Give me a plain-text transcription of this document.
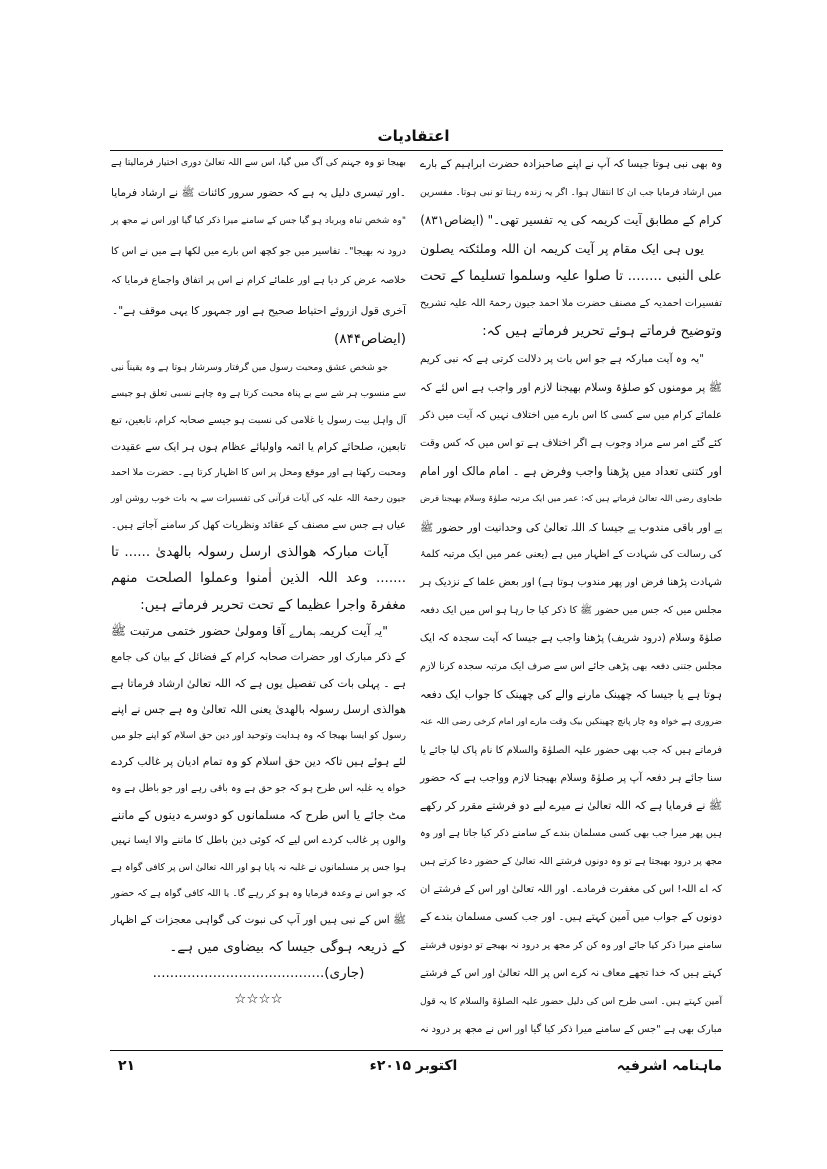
اعتقادیات
وہ بھی نبی ہوتا جیسا کہ آپ نے اپنے صاحبزادہ حضرت ابراہیم کے بارے
میں ارشاد فرمایا جب ان کا انتقال ہوا۔ اگر یہ زندہ رہتا تو نبی ہوتا۔ مفسرین
کرام کے مطابق آیت کریمہ کی یہ تفسیر تھی۔" (ایضاص۸۳۱)
یوں ہی ایک مقام پر آیت کریمہ ان اللہ وملئکتہ یصلون
علی النبی ........ تا صلوا علیہ وسلموا تسلیما کے تحت
تفسیرات احمدیہ کے مصنف حضرت ملا احمد جیون رحمۃ اللہ علیہ تشریح
وتوضیح فرماتے ہوئے تحریر فرماتے ہیں کہ:
"یہ وہ آیت مبارکہ ہے جو اس بات پر دلالت کرتی ہے کہ نبی کریم
ﷺ پر مومنوں کو صلوٰۃ وسلام بھیجنا لازم اور واجب ہے اس لئے کہ
علمائے کرام میں سے کسی کا اس بارے میں اختلاف نہیں کہ آیت میں ذکر
کئے گئے امر سے مراد وجوب ہے اگر اختلاف ہے تو اس میں کہ کس وقت
اور کتنی تعداد میں پڑھنا واجب وفرض ہے ۔ امام مالک اور امام
طحاوی رضی اللہ تعالیٰ فرماتے ہیں کہ: عمر میں ایک مرتبہ صلوٰۃ وسلام بھیجنا فرض
ہے اور باقی مندوب ہے جیسا کہ اللہ تعالیٰ کی وحدانیت اور حضور ﷺ
کی رسالت کی شہادت کے اظہار میں ہے (یعنی عمر میں ایک مرتبہ کلمۂ
شہادت پڑھنا فرض اور پھر مندوب ہوتا ہے) اور بعض علما کے نزدیک ہر
مجلس میں کہ جس میں حضور ﷺ کا ذکر کیا جا رہا ہو اس میں ایک دفعہ
صلوٰۃ وسلام (درود شریف) پڑھنا واجب ہے جیسا کہ آیت سجدہ کہ ایک
مجلس جتنی دفعہ بھی پڑھی جائے اس سے صرف ایک مرتبہ سجدہ کرنا لازم
ہوتا ہے یا جیسا کہ چھینک مارنے والے کی چھینک کا جواب ایک دفعہ
ضروری ہے خواہ وہ چار پانچ چھینکیں بیک وقت مارے اور امام کرخی رضی اللہ عنہ
فرماتے ہیں کہ جب بھی حضور علیہ الصلوٰۃ والسلام کا نام پاک لیا جائے یا
سنا جائے ہر دفعہ آپ پر صلوٰۃ وسلام بھیجنا لازم وواجب ہے کہ حضور
ﷺ نے فرمایا ہے کہ اللہ تعالیٰ نے میرے لیے دو فرشتے مقرر کر رکھے
ہیں پھر میرا جب بھی کسی مسلمان بندے کے سامنے ذکر کیا جاتا ہے اور وہ
مجھ پر درود بھیجتا ہے تو وہ دونوں فرشتے اللہ تعالیٰ کے حضور دعا کرتے ہیں
کہ اے اللہ! اس کی مغفرت فرمادے۔ اور اللہ تعالیٰ اور اس کے فرشتے ان
دونوں کے جواب میں آمین کہتے ہیں۔ اور جب کسی مسلمان بندے کے
سامنے میرا ذکر کیا جائے اور وہ کن کر مجھ پر درود نہ بھیجے تو دونوں فرشتے
کہتے ہیں کہ خدا تجھے معاف نہ کرے اس پر اللہ تعالیٰ اور اس کے فرشتے
آمین کہتے ہیں۔ اسی طرح اس کی دلیل حضور علیہ الصلوٰۃ والسلام کا یہ قول
مبارک بھی ہے "جس کے سامنے میرا ذکر کیا گیا اور اس نے مجھ پر درود نہ
بھیجا تو وہ جہنم کی آگ میں گیا، اس سے اللہ تعالیٰ دوری اختیار فرمالیتا ہے
۔اور تیسری دلیل یہ ہے کہ حضور سرور کائنات ﷺ نے ارشاد فرمایا
"وہ شخص تباہ وبرباد ہو گیا جس کے سامنے میرا ذکر کیا گیا اور اس نے مجھ پر
درود نہ بھیجا"۔ تفاسیر میں جو کچھ اس بارے میں لکھا ہے میں نے اس کا
خلاصہ عرض کر دیا ہے اور علمائے کرام نے اس پر اتفاق واجماع فرمایا کہ
آخری قول ازروئے احتیاط صحیح ہے اور جمہور کا یہی موقف ہے"۔
(ایضاص۸۴۴)
جو شخص عشق ومحبت رسول میں گرفتار وسرشار ہوتا ہے وہ یقیناً نبی
سے منسوب ہر شے سے بے پناہ محبت کرتا ہے وہ چاہے نسبی تعلق ہو جیسے
آل واہل بیت رسول یا غلامی کی نسبت ہو جیسے صحابہ کرام، تابعین، تبع
تابعین، صلحائے کرام یا ائمہ واولیائے عظام ہوں ہر ایک سے عقیدت
ومحبت رکھتا ہے اور موقع ومحل پر اس کا اظہار کرتا ہے۔ حضرت ملا احمد
جیون رحمۃ اللہ علیہ کی آیات قرآنی کی تفسیرات سے یہ بات خوب روشن اور
عیاں ہے جس سے مصنف کے عقائد ونظریات کھل کر سامنے آجاتے ہیں۔
آیات مبارکہ ھوالذی ارسل رسولہ بالھدیٰ ...... تا
....... وعد اللہ الذین اٰمنوا وعملوا الصلحت منھم
مغفرۃ واجرا عظیما کے تحت تحریر فرماتے ہیں:
"یہ آیت کریمہ ہمارے آقا ومولیٰ حضور ختمی مرتبت ﷺ
کے ذکر مبارک اور حضرات صحابہ کرام کے فضائل کے بیان کی جامع
ہے ۔ پہلی بات کی تفصیل یوں ہے کہ اللہ تعالیٰ ارشاد فرماتا ہے
ھوالذی ارسل رسولہ بالھدیٰ یعنی اللہ تعالیٰ وہ ہے جس نے اپنے
رسول کو ایسا بھیجا کہ وہ ہدایت وتوحید اور دین حق اسلام کو اپنے جلو میں
لئے ہوئے ہیں تاکہ دین حق اسلام کو وہ تمام ادیان پر غالب کردے
خواہ یہ غلبہ اس طرح ہو کہ جو حق ہے وہ باقی رہے اور جو باطل ہے وہ
مٹ جائے یا اس طرح کہ مسلمانوں کو دوسرے دینوں کے ماننے
والوں پر غالب کردے اس لیے کہ کوئی دین باطل کا ماننے والا ایسا نہیں
ہوا جس پر مسلمانوں نے غلبہ نہ پایا ہو اور اللہ تعالیٰ اس پر کافی گواہ ہے
کہ جو اس نے وعدہ فرمایا وہ ہو کر رہے گا۔ یا اللہ کافی گواہ ہے کہ حضور
ﷺ اس کے نبی ہیں اور آپ کی نبوت کی گواہی معجزات کے اظہار
کے ذریعہ ہوگی جیسا کہ بیضاوی میں ہے۔
(جاری)........................................
☆☆☆☆
ماہنامہ اشرفیہ
اکتوبر ۲۰۱۵ء
۲۱
